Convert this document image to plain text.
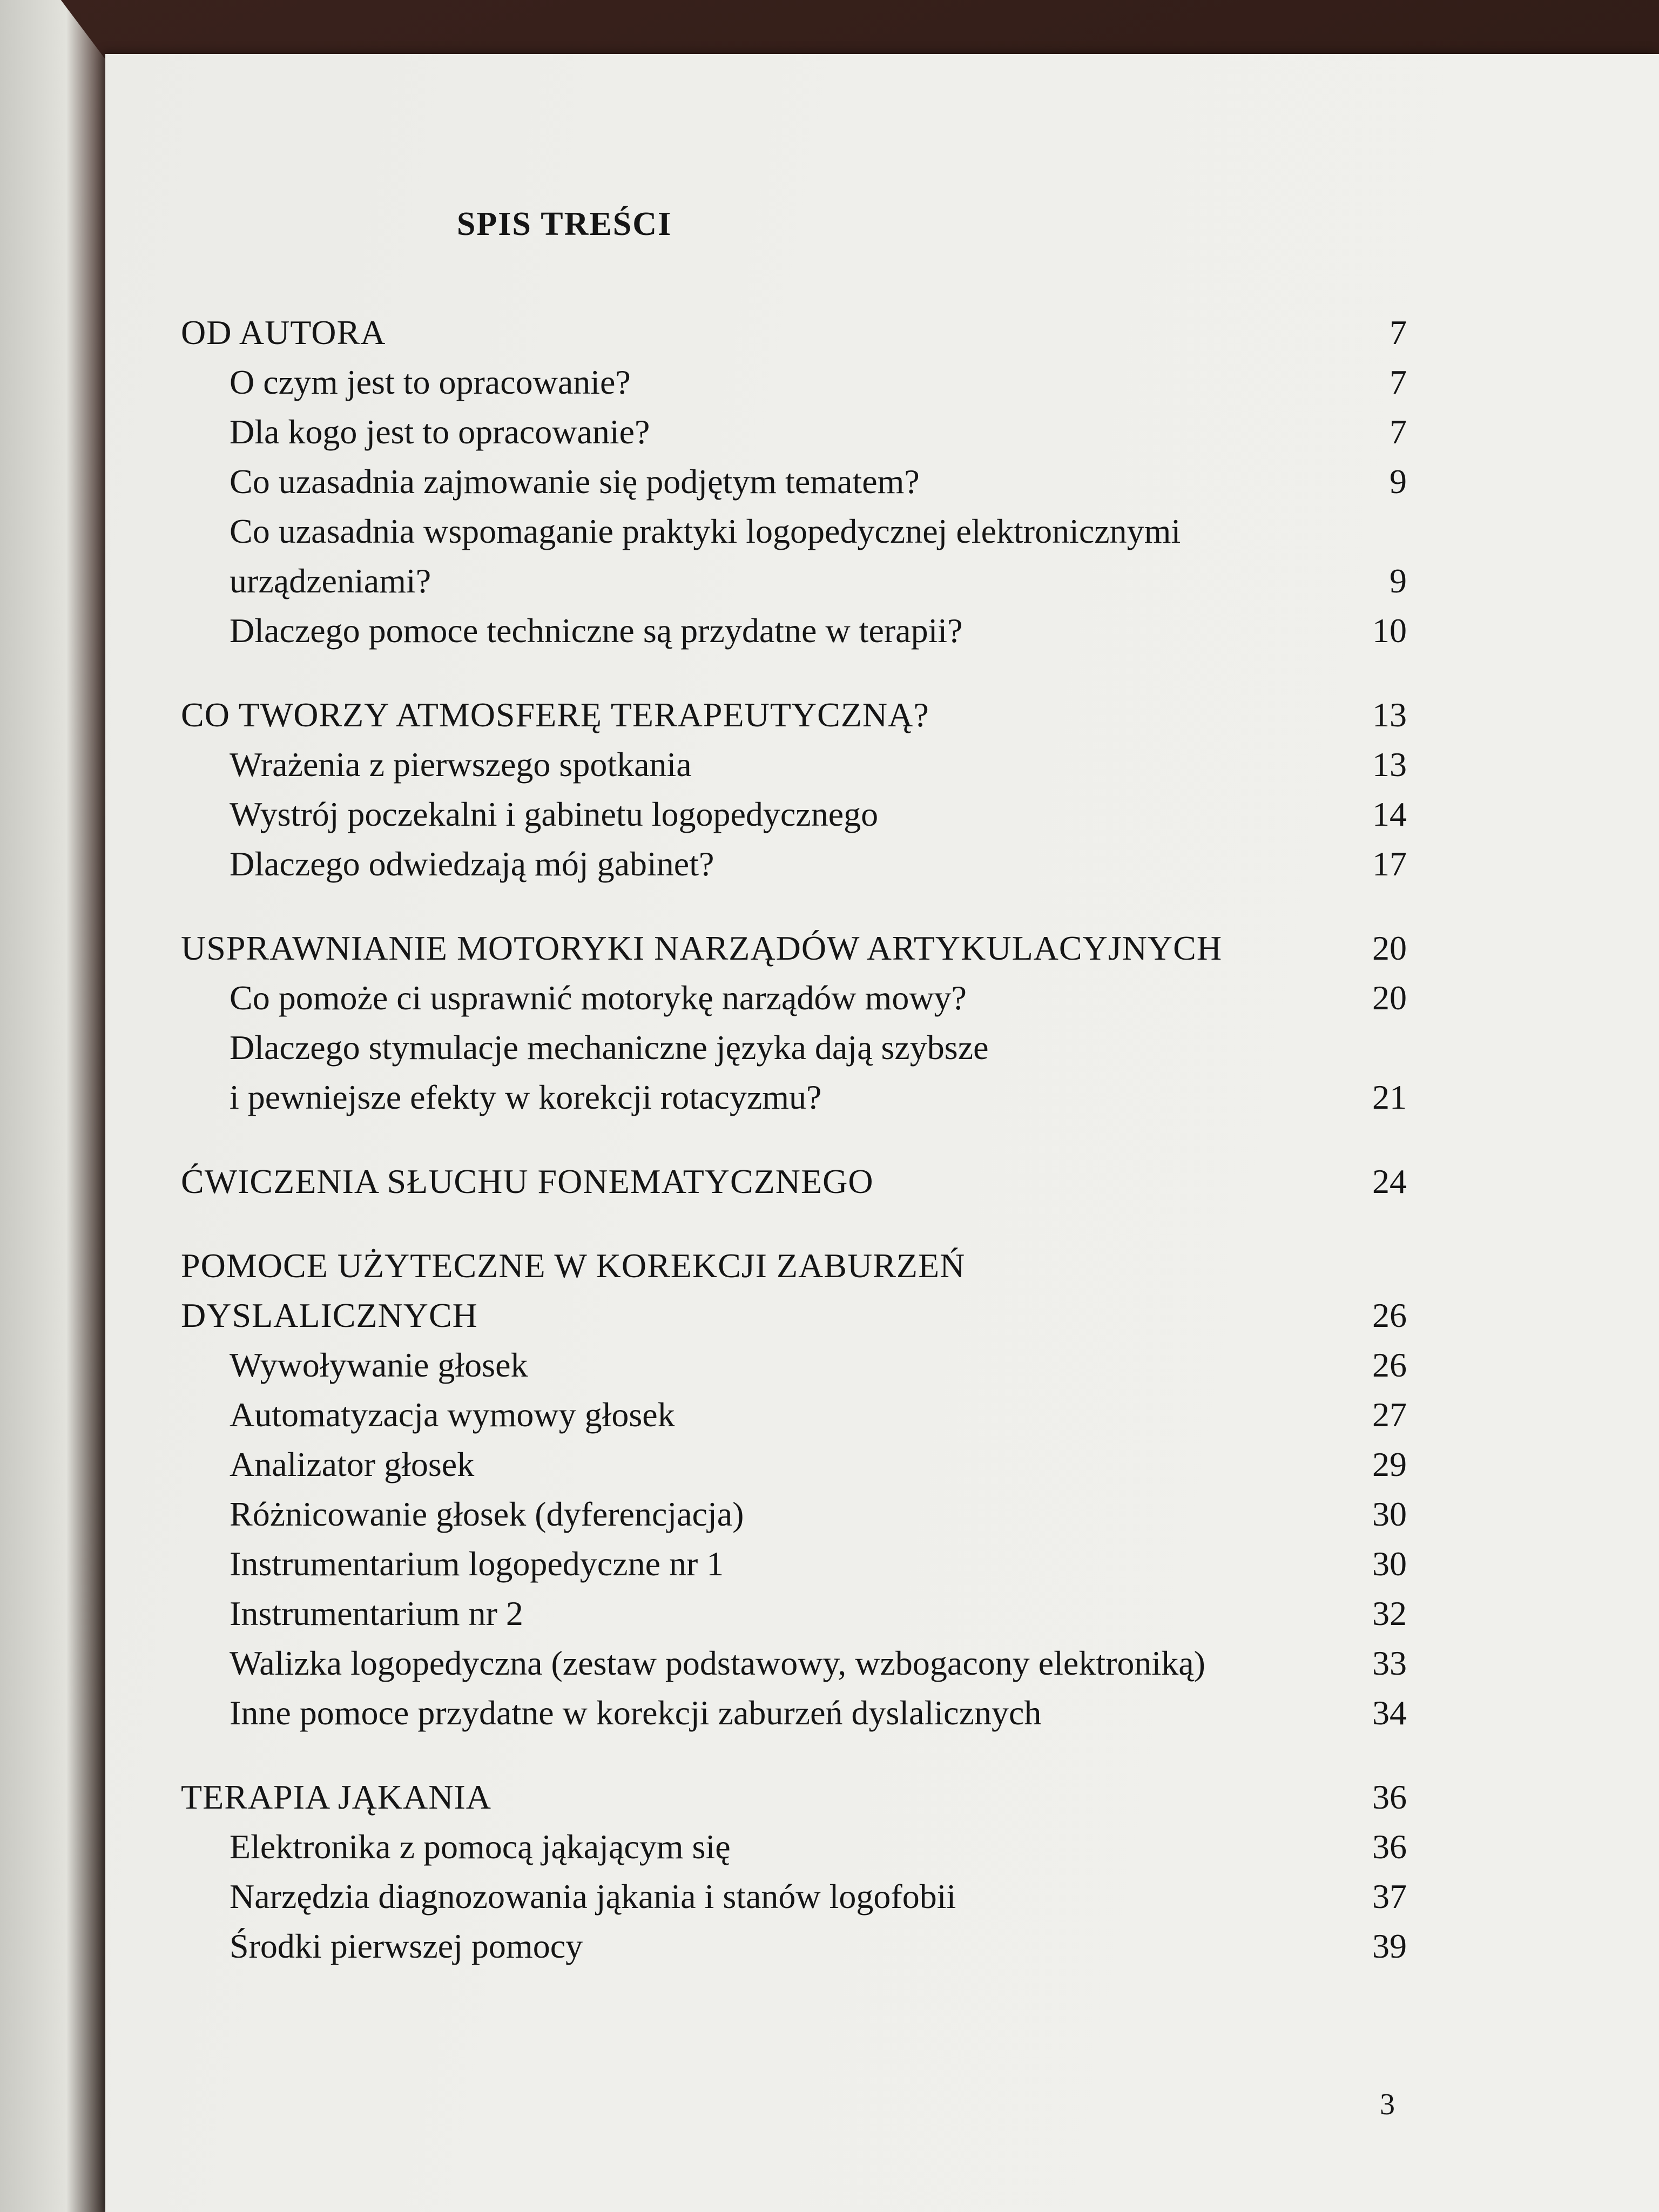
SPIS TREŚCI
OD AUTORA	7
O czym jest to opracowanie?	7
Dla kogo jest to opracowanie?	7
Co uzasadnia zajmowanie się podjętym tematem?	9
Co uzasadnia wspomaganie praktyki logopedycznej elektronicznymi
urządzeniami?	9
Dlaczego pomoce techniczne są przydatne w terapii?	10
CO TWORZY ATMOSFERĘ TERAPEUTYCZNĄ?	13
Wrażenia z pierwszego spotkania	13
Wystrój poczekalni i gabinetu logopedycznego	14
Dlaczego odwiedzają mój gabinet?	17
USPRAWNIANIE MOTORYKI NARZĄDÓW ARTYKULACYJNYCH	20
Co pomoże ci usprawnić motorykę narządów mowy?	20
Dlaczego stymulacje mechaniczne języka dają szybsze
i pewniejsze efekty w korekcji rotacyzmu?	21
ĆWICZENIA SŁUCHU FONEMATYCZNEGO	24
POMOCE UŻYTECZNE W KOREKCJI ZABURZEŃ
DYSLALICZNYCH	26
Wywoływanie głosek	26
Automatyzacja wymowy głosek	27
Analizator głosek	29
Różnicowanie głosek (dyferencjacja)	30
Instrumentarium logopedyczne nr 1	30
Instrumentarium nr 2	32
Walizka logopedyczna (zestaw podstawowy, wzbogacony elektroniką)	33
Inne pomoce przydatne w korekcji zaburzeń dyslalicznych	34
TERAPIA JĄKANIA	36
Elektronika z pomocą jąkającym się	36
Narzędzia diagnozowania jąkania i stanów logofobii	37
Środki pierwszej pomocy	39
3
